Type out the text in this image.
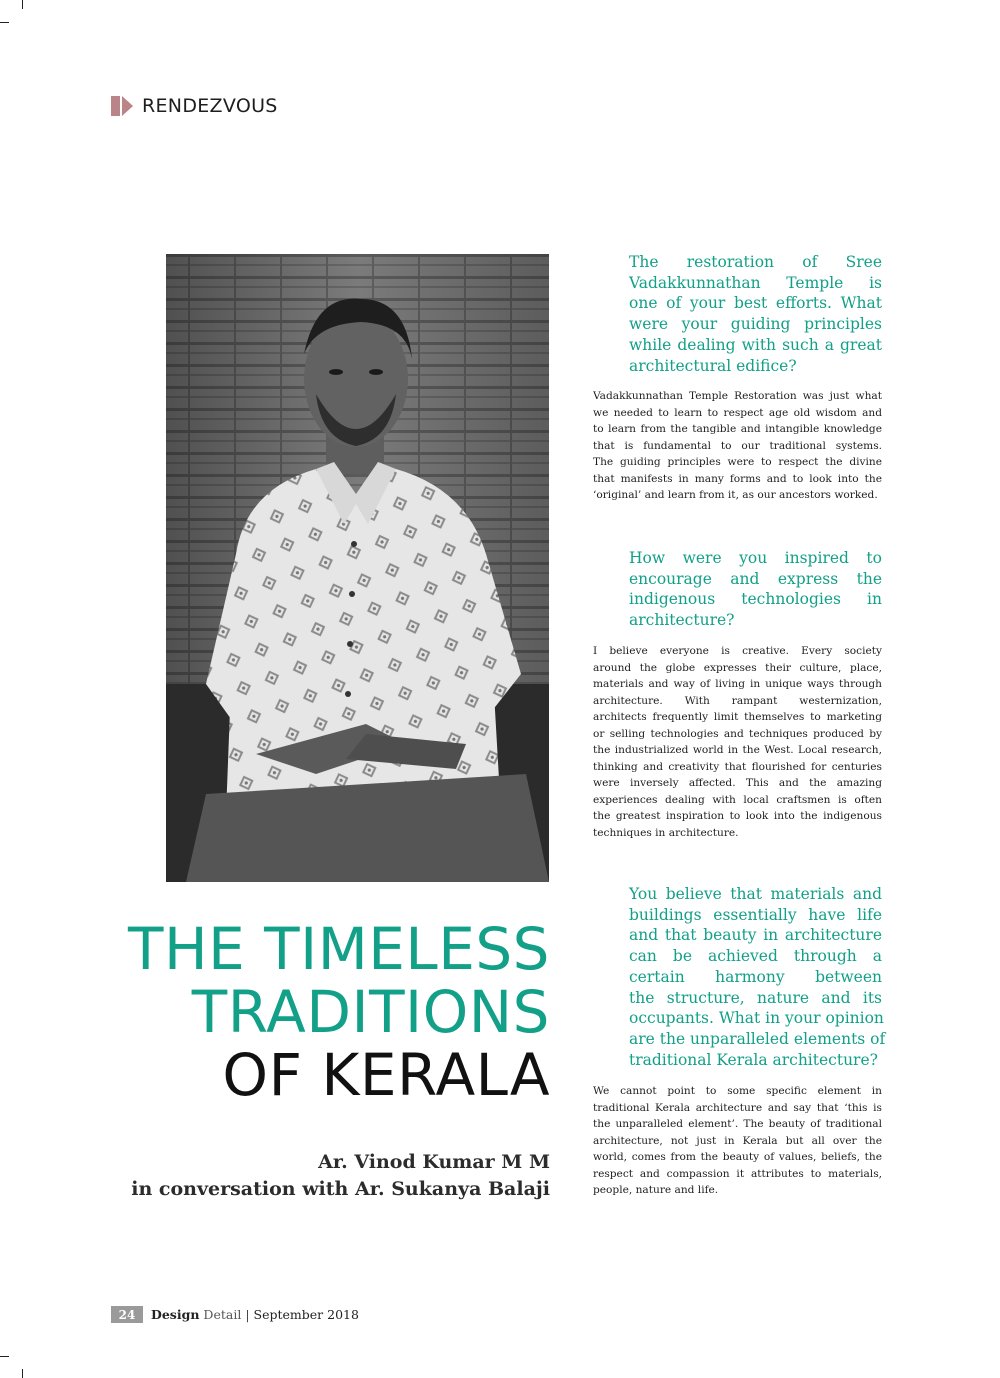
RENDEZVOUS
THE TIMELESS
TRADITIONS
OF KERALA
Ar. Vinod Kumar M M
in conversation with Ar. Sukanya Balaji
The restoration of Sree
Vadakkunnathan Temple is
one of your best efforts. What
were your guiding principles
while dealing with such a great
architectural edifice?
Vadakkunnathan Temple Restoration was just what
we needed to learn to respect age old wisdom and
to learn from the tangible and intangible knowledge
that is fundamental to our traditional systems.
The guiding principles were to respect the divine
that manifests in many forms and to look into the
‘original’ and learn from it, as our ancestors worked.
How were you inspired to
encourage and express the
indigenous technologies in
architecture?
I believe everyone is creative. Every society
around the globe expresses their culture, place,
materials and way of living in unique ways through
architecture. With rampant westernization,
architects frequently limit themselves to marketing
or selling technologies and techniques produced by
the industrialized world in the West. Local research,
thinking and creativity that flourished for centuries
were inversely affected. This and the amazing
experiences dealing with local craftsmen is often
the greatest inspiration to look into the indigenous
techniques in architecture.
You believe that materials and
buildings essentially have life
and that beauty in architecture
can be achieved through a
certain harmony between
the structure, nature and its
occupants. What in your opinion
are the unparalleled elements of
traditional Kerala architecture?
We cannot point to some specific element in
traditional Kerala architecture and say that ‘this is
the unparalleled element’. The beauty of traditional
architecture, not just in Kerala but all over the
world, comes from the beauty of values, beliefs, the
respect and compassion it attributes to materials,
people, nature and life.
24	Design Detail | September 2018
